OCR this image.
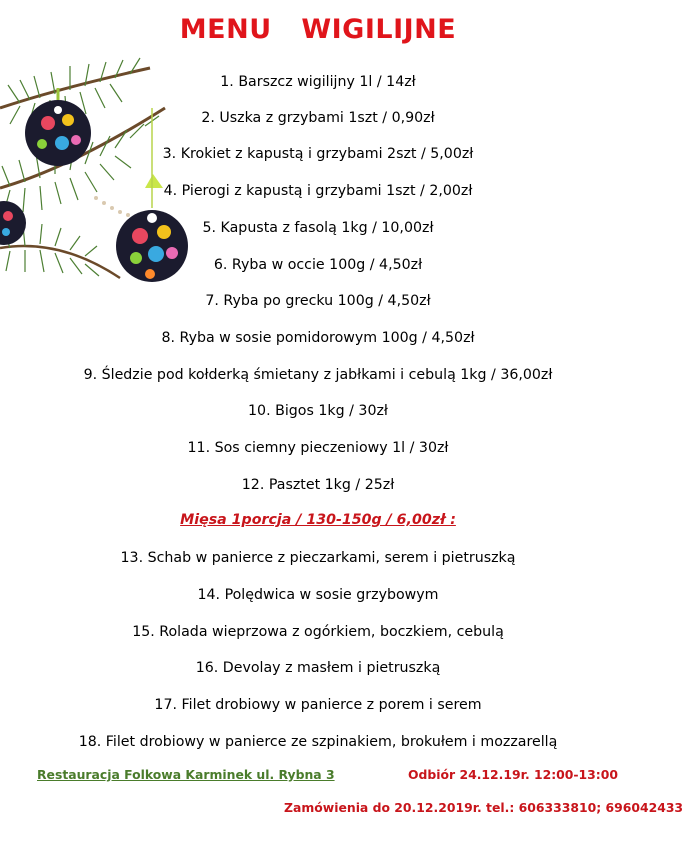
MENU   WIGILIJNE
1. Barszcz wigilijny 1l / 14zł
2. Uszka z grzybami 1szt / 0,90zł
3. Krokiet z kapustą i grzybami 2szt / 5,00zł
4. Pierogi z kapustą i grzybami 1szt / 2,00zł
5. Kapusta z fasolą 1kg / 10,00zł
6. Ryba w occie 100g / 4,50zł
7. Ryba po grecku 100g / 4,50zł
8. Ryba w sosie pomidorowym 100g / 4,50zł
9. Śledzie pod kołderką śmietany z jabłkami i cebulą 1kg / 36,00zł
10. Bigos 1kg / 30zł
11. Sos ciemny pieczeniowy 1l / 30zł
12. Pasztet 1kg / 25zł
Mięsa 1porcja / 130-150g / 6,00zł :
13. Schab w panierce z pieczarkami, serem i pietruszką
14. Polędwica w sosie grzybowym
15. Rolada wieprzowa z ogórkiem, boczkiem, cebulą
16. Devolay z masłem i pietruszką
17. Filet drobiowy w panierce z porem i serem
18. Filet drobiowy w panierce ze szpinakiem, brokułem i mozzarellą
Restauracja Folkowa Karminek ul. Rybna 3	Odbiór 24.12.19r. 12:00-13:00
Zamówienia do 20.12.2019r. tel.: 606333810; 696042433
